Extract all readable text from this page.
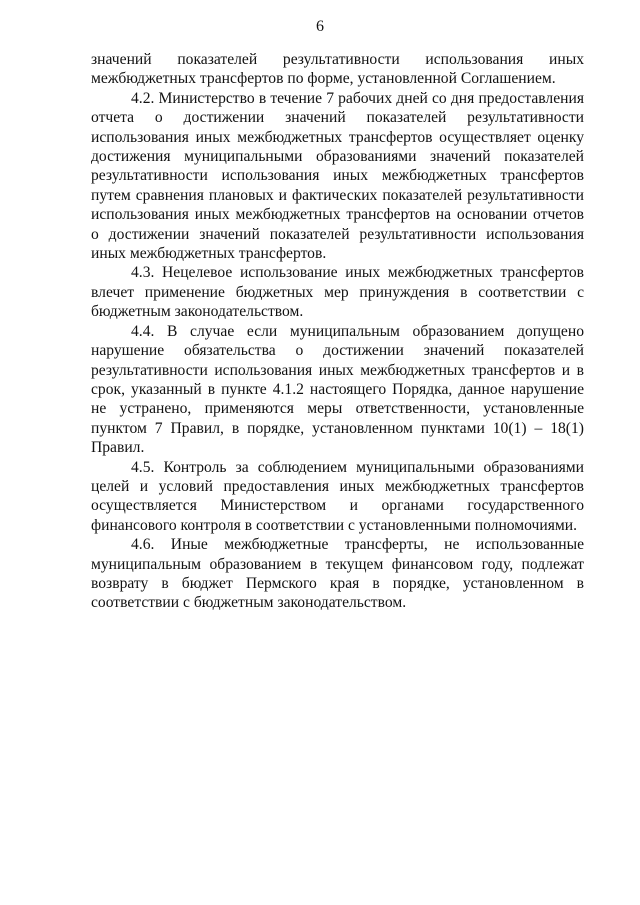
6

значений показателей результативности использования иных межбюджетных трансфертов по форме, установленной Соглашением.

4.2. Министерство в течение 7 рабочих дней со дня предоставления отчета о достижении значений показателей результативности использования иных межбюджетных трансфертов осуществляет оценку достижения муниципальными образованиями значений показателей результативности использования иных межбюджетных трансфертов путем сравнения плановых и фактических показателей результативности использования иных межбюджетных трансфертов на основании отчетов о достижении значений показателей результативности использования иных межбюджетных трансфертов.

4.3. Нецелевое использование иных межбюджетных трансфертов влечет применение бюджетных мер принуждения в соответствии с бюджетным законодательством.

4.4. В случае если муниципальным образованием допущено нарушение обязательства о достижении значений показателей результативности использования иных межбюджетных трансфертов и в срок, указанный в пункте 4.1.2 настоящего Порядка, данное нарушение не устранено, применяются меры ответственности, установленные пунктом 7 Правил, в порядке, установленном пунктами 10(1) – 18(1) Правил.

4.5. Контроль за соблюдением муниципальными образованиями целей и условий предоставления иных межбюджетных трансфертов осуществляется Министерством и органами государственного финансового контроля в соответствии с установленными полномочиями.

4.6. Иные межбюджетные трансферты, не использованные муниципальным образованием в текущем финансовом году, подлежат возврату в бюджет Пермского края в порядке, установленном в соответствии с бюджетным законодательством.
